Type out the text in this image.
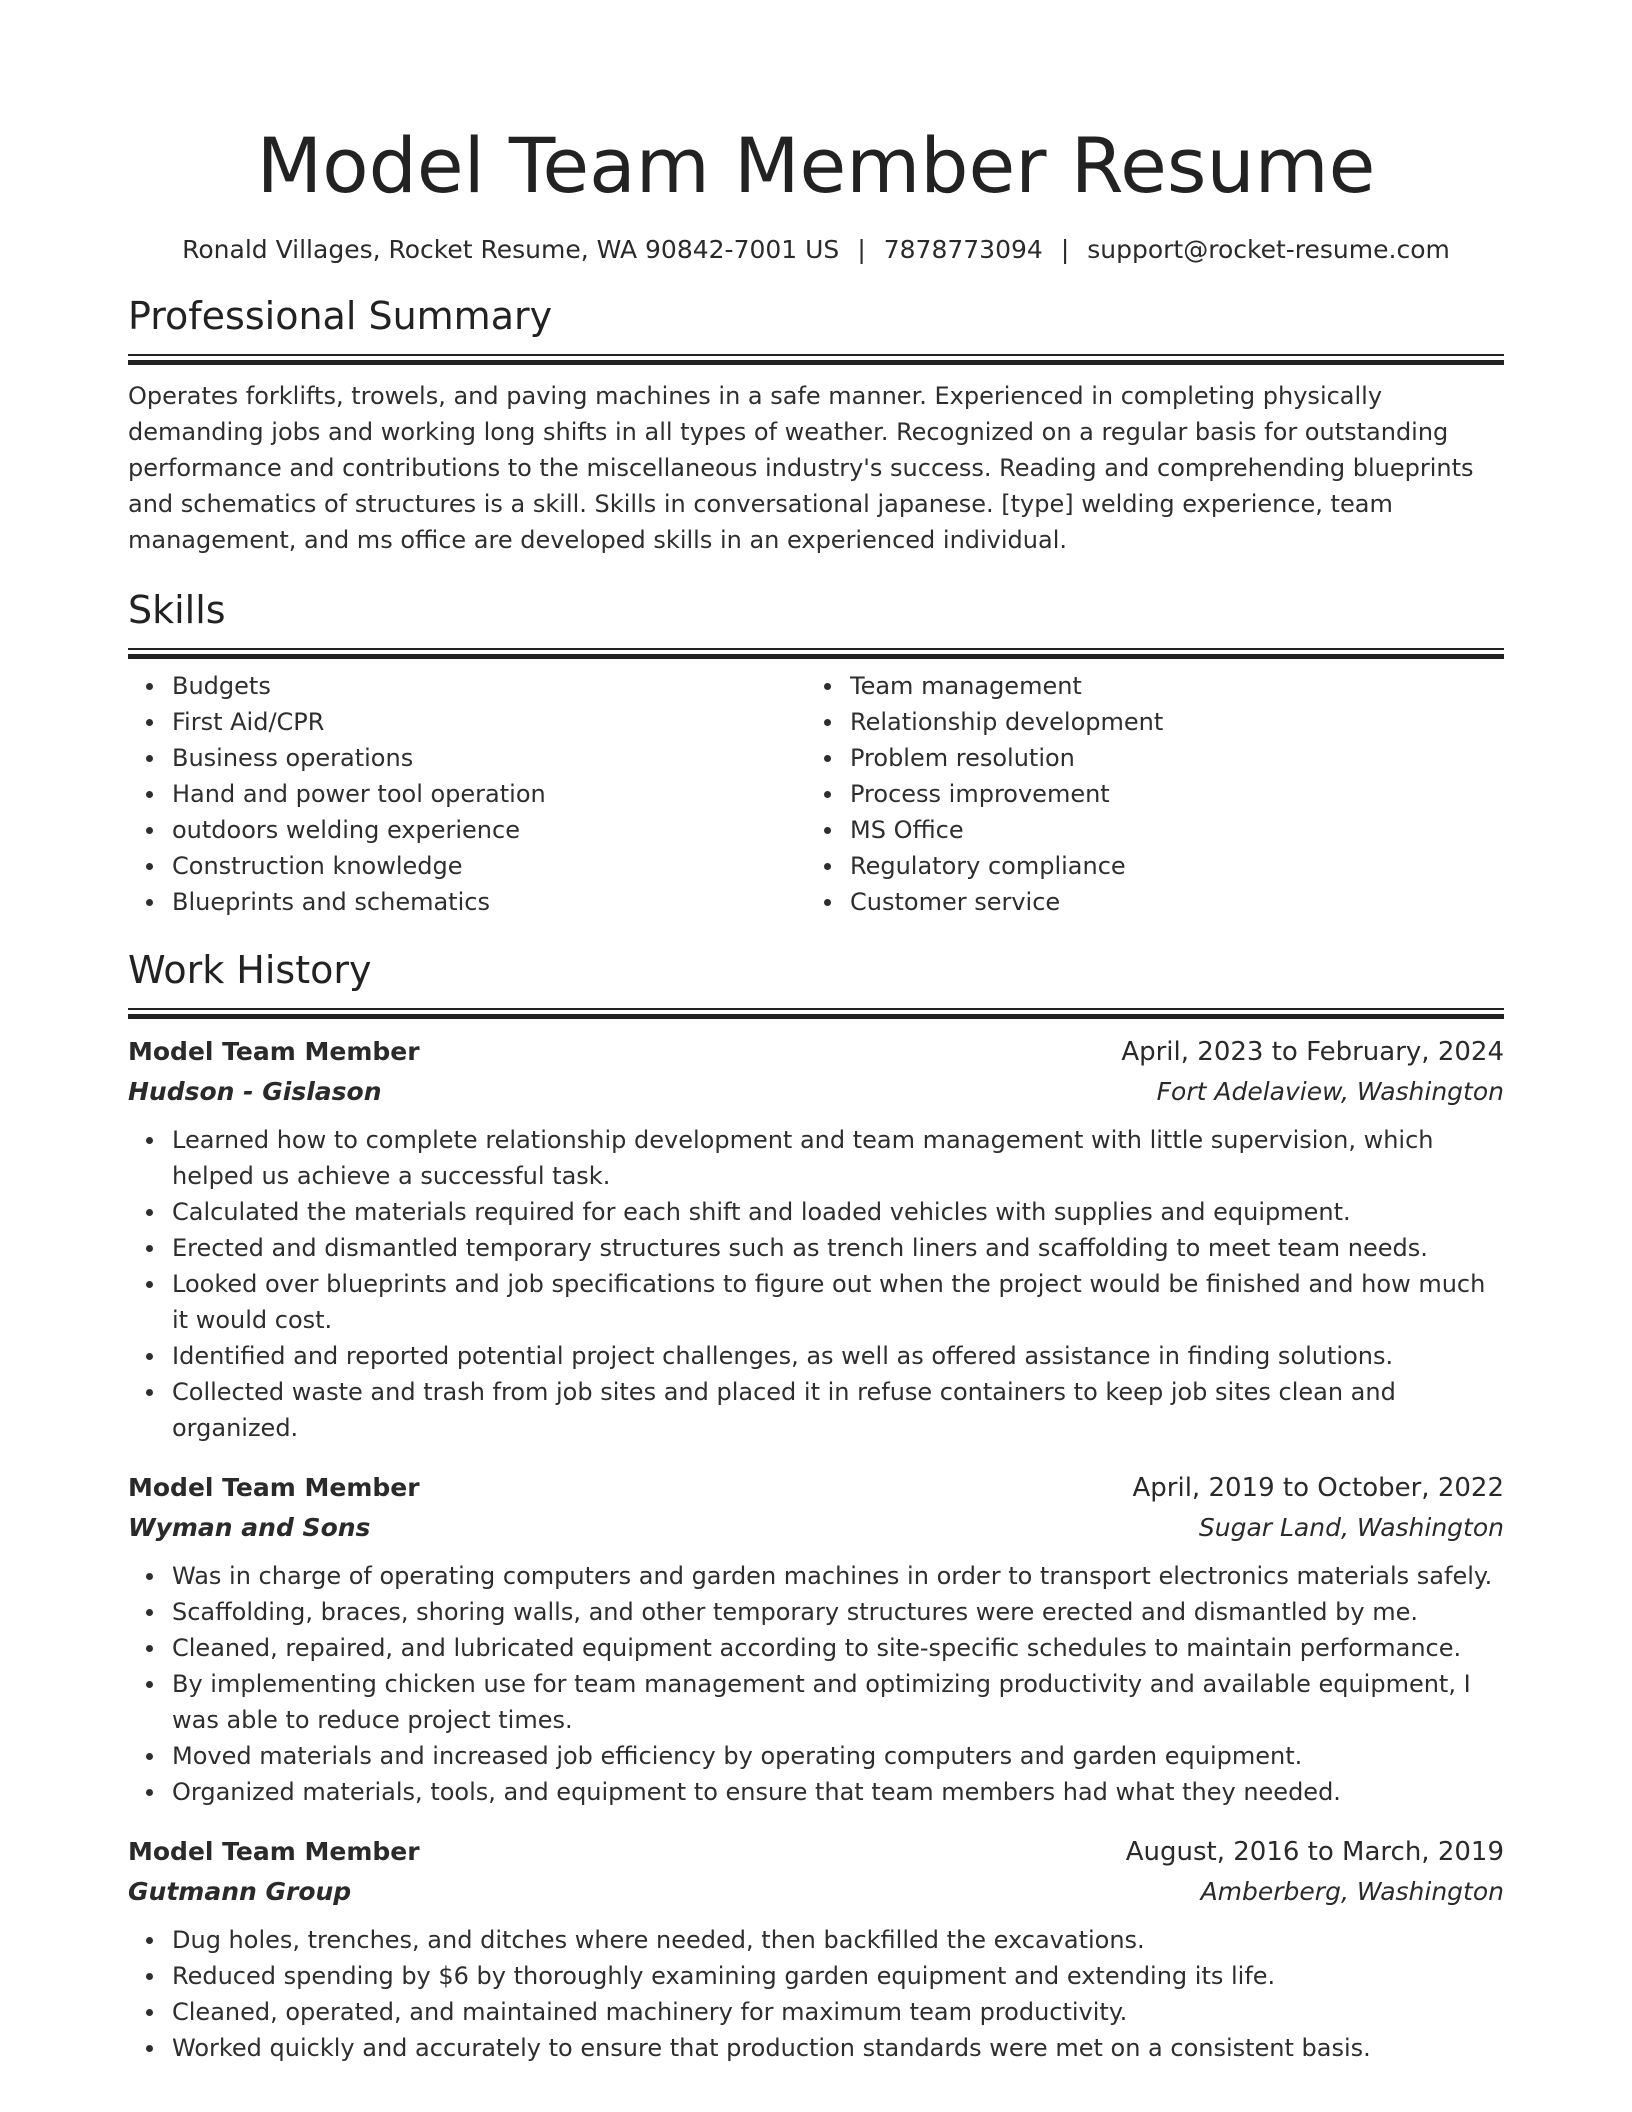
Model Team Member Resume
Ronald Villages, Rocket Resume, WA 90842-7001 US | 7878773094 | support@rocket-resume.com
Professional Summary

Operates forklifts, trowels, and paving machines in a safe manner. Experienced in completing physically demanding jobs and working long shifts in all types of weather. Recognized on a regular basis for outstanding performance and contributions to the miscellaneous industry's success. Reading and comprehending blueprints and schematics of structures is a skill. Skills in conversational japanese. [type] welding experience, team management, and ms office are developed skills in an experienced individual.

Skills
Budgets
First Aid/CPR
Business operations
Hand and power tool operation
outdoors welding experience
Construction knowledge
Blueprints and schematics
Team management
Relationship development
Problem resolution
Process improvement
MS Office
Regulatory compliance
Customer service
Work History
Model Team Member	April, 2023 to February, 2024
Hudson - Gislason	Fort Adelaview, Washington
Learned how to complete relationship development and team management with little supervision, which helped us achieve a successful task.
Calculated the materials required for each shift and loaded vehicles with supplies and equipment.
Erected and dismantled temporary structures such as trench liners and scaffolding to meet team needs.
Looked over blueprints and job specifications to figure out when the project would be finished and how much it would cost.
Identified and reported potential project challenges, as well as offered assistance in finding solutions.
Collected waste and trash from job sites and placed it in refuse containers to keep job sites clean and organized.
Model Team Member	April, 2019 to October, 2022
Wyman and Sons	Sugar Land, Washington
Was in charge of operating computers and garden machines in order to transport electronics materials safely.
Scaffolding, braces, shoring walls, and other temporary structures were erected and dismantled by me.
Cleaned, repaired, and lubricated equipment according to site-specific schedules to maintain performance.
By implementing chicken use for team management and optimizing productivity and available equipment, I was able to reduce project times.
Moved materials and increased job efficiency by operating computers and garden equipment.
Organized materials, tools, and equipment to ensure that team members had what they needed.
Model Team Member	August, 2016 to March, 2019
Gutmann Group	Amberberg, Washington
Dug holes, trenches, and ditches where needed, then backfilled the excavations.
Reduced spending by $6 by thoroughly examining garden equipment and extending its life.
Cleaned, operated, and maintained machinery for maximum team productivity.
Worked quickly and accurately to ensure that production standards were met on a consistent basis.
